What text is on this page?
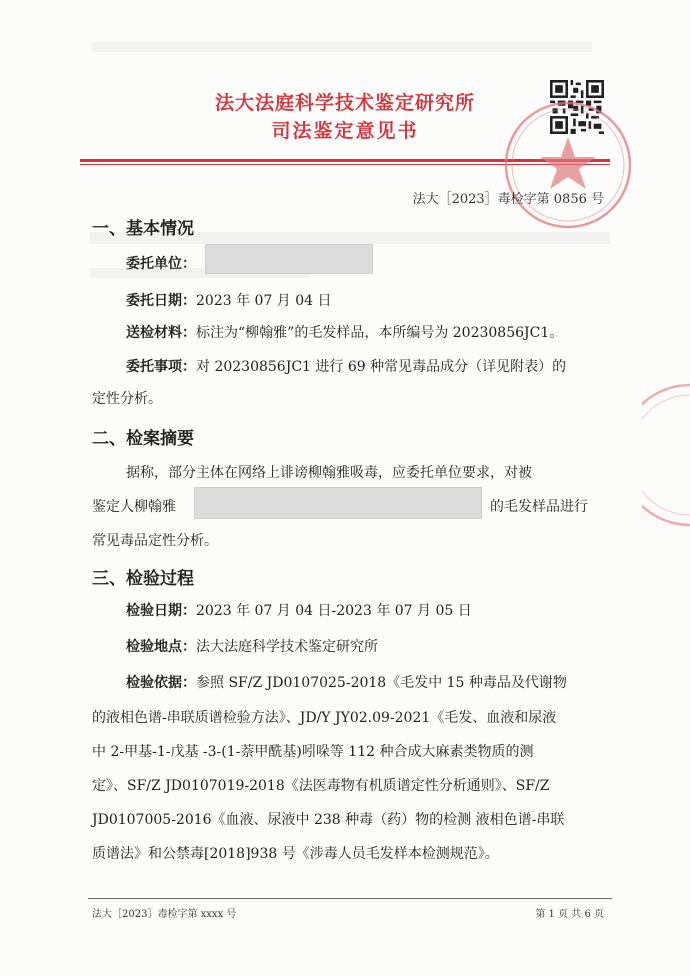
法大法庭科学技术鉴定研究所
司法鉴定意见书
法大［2023］毒检字第 0856 号
一、基本情况
委托单位：
委托日期：2023 年 07 月 04 日
送检材料：标注为“柳翰雅”的毛发样品，本所编号为 20230856JC1。
委托事项：对 20230856JC1 进行 69 种常见毒品成分（详见附表）的
定性分析。
二、检案摘要
据称，部分主体在网络上诽谤柳翰雅吸毒，应委托单位要求，对被
鉴定人柳翰雅	的毛发样品进行
常见毒品定性分析。
三、检验过程
检验日期：2023 年 07 月 04 日-2023 年 07 月 05 日
检验地点：法大法庭科学技术鉴定研究所
检验依据：参照 SF/Z JD0107025-2018《毛发中 15 种毒品及代谢物
的液相色谱-串联质谱检验方法》、JD/Y JY02.09-2021《毛发、血液和尿液
中 2-甲基-1-戊基 -3-(1-萘甲酰基)吲哚等 112 种合成大麻素类物质的测
定》、SF/Z JD0107019-2018《法医毒物有机质谱定性分析通则》、SF/Z
JD0107005-2016《血液、尿液中 238 种毒（药）物的检测 液相色谱-串联
质谱法》和公禁毒[2018]938 号《涉毒人员毛发样本检测规范》。
法大［2023］毒检字第 xxxx 号	第 1 页 共 6 页
